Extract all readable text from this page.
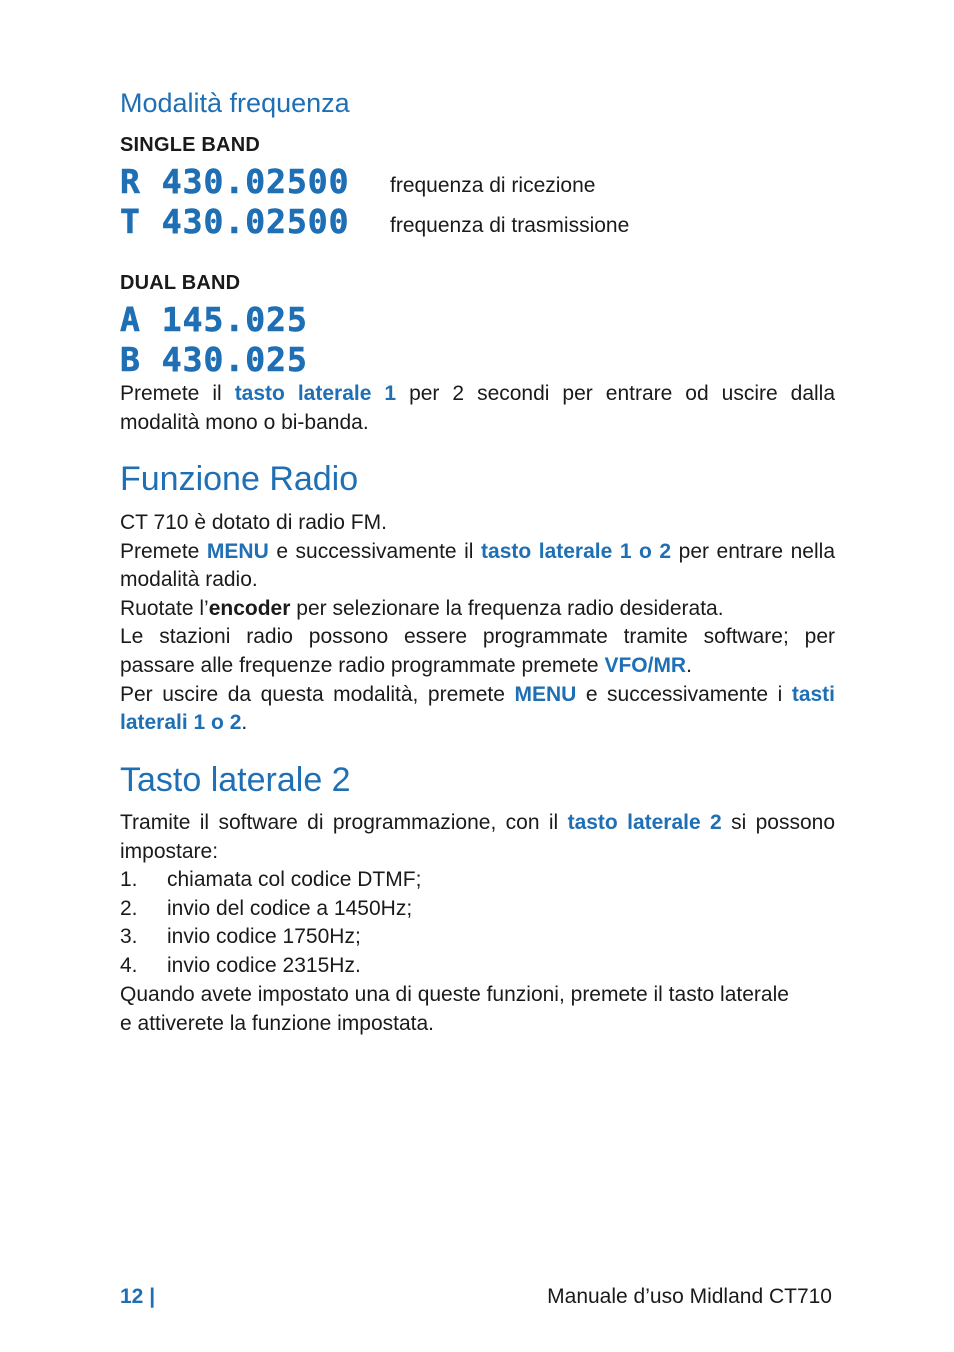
Modalità frequenza
SINGLE BAND
R 430.02500 frequenza di ricezione
T 430.02500 frequenza di trasmissione
DUAL BAND
A 145.025
B 430.025
Premete il tasto laterale 1 per 2 secondi per entrare od uscire dalla
modalità mono o bi-banda.
Funzione Radio
CT 710 è dotato di radio FM.
Premete MENU e successivamente il tasto laterale 1 o 2 per entrare nella
modalità radio.
Ruotate l’encoder per selezionare la frequenza radio desiderata.
Le stazioni radio possono essere programmate tramite software; per
passare alle frequenze radio programmate premete VFO/MR.
Per uscire da questa modalità, premete MENU e successivamente i tasti
laterali 1 o 2.
Tasto laterale 2
Tramite il software di programmazione, con il tasto laterale 2 si possono
impostare:
1.	chiamata col codice DTMF;
2.	invio del codice a 1450Hz;
3.	invio codice 1750Hz;
4.	invio codice 2315Hz.
Quando avete impostato una di queste funzioni, premete il tasto laterale
e attiverete la funzione impostata.
12 |	Manuale d’uso Midland CT710
